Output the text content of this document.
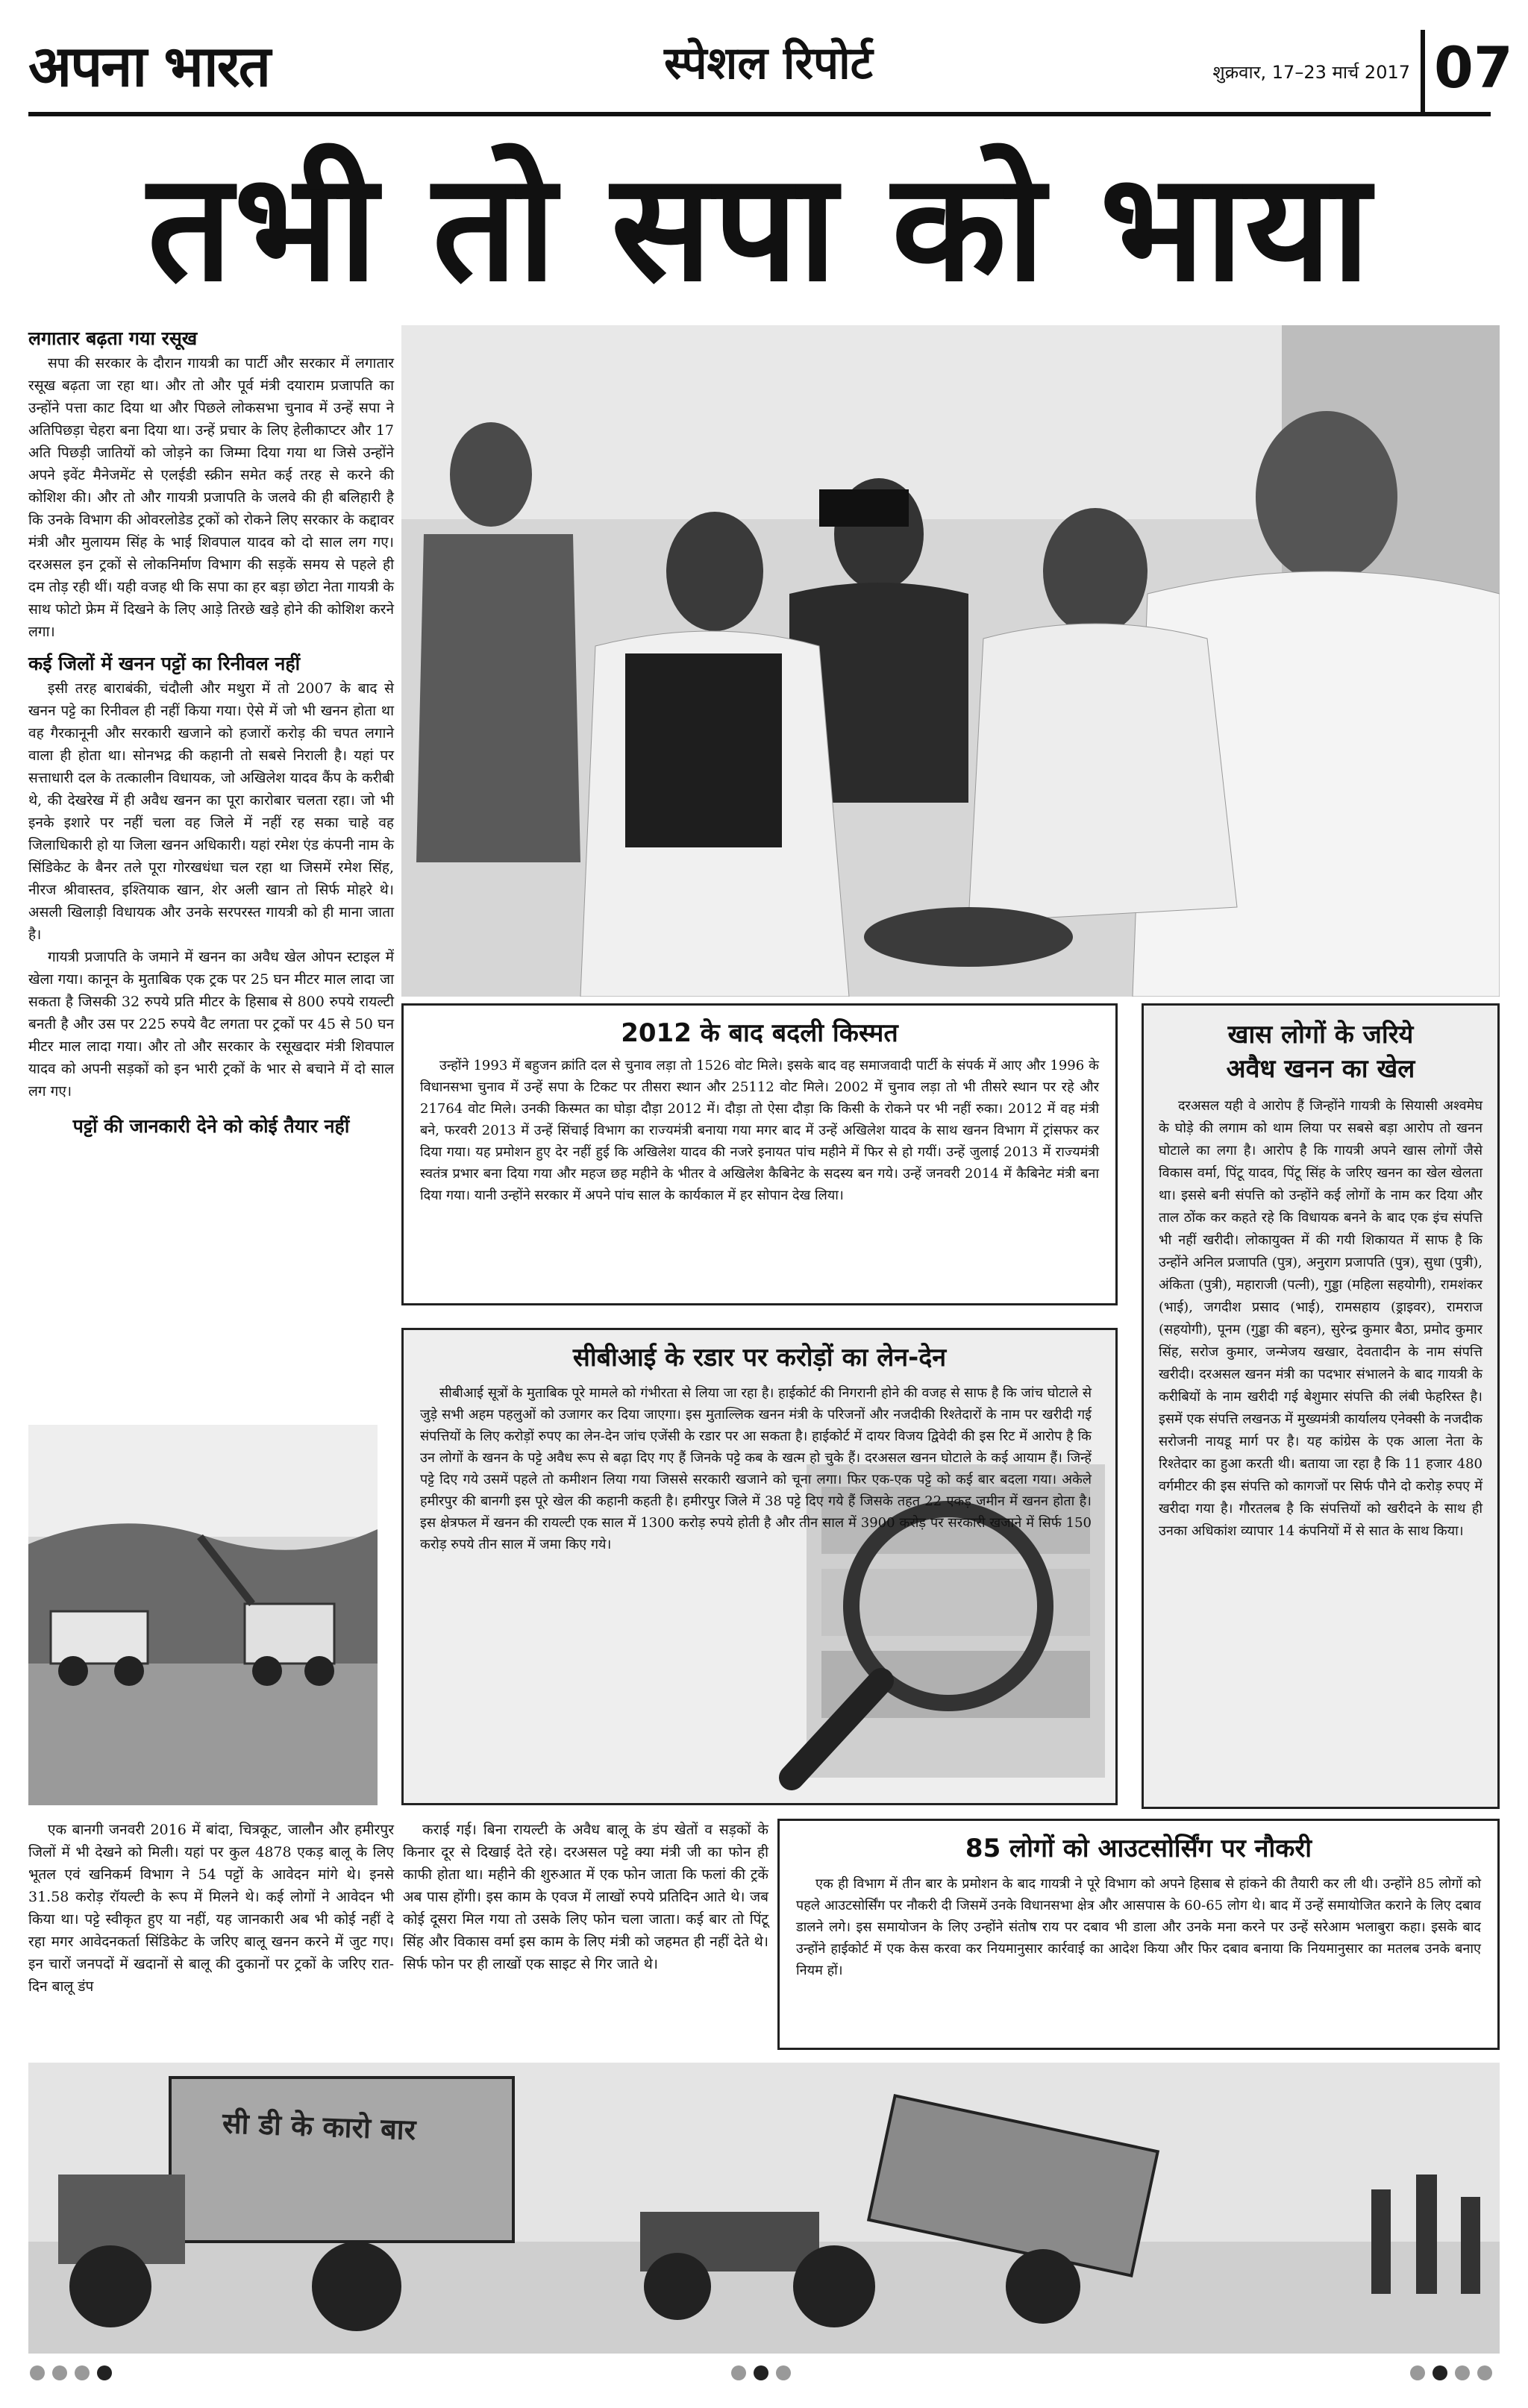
अपना भारत	स्पेशल रिपोर्ट	शुक्रवार, 17–23 मार्च 2017 07
तभी तो सपा को भाया
लगातार बढ़ता गया रसूख

सपा की सरकार के दौरान गायत्री का पार्टी और सरकार में लगातार रसूख बढ़ता जा रहा था। और तो और पूर्व मंत्री दयाराम प्रजापति का उन्होंने पत्ता काट दिया था और पिछले लोकसभा चुनाव में उन्हें सपा ने अतिपिछड़ा चेहरा बना दिया था। उन्हें प्रचार के लिए हेलीकाप्टर और 17 अति पिछड़ी जातियों को जोड़ने का जिम्मा दिया गया था जिसे उन्होंने अपने इवेंट मैनेजमेंट से एलईडी स्क्रीन समेत कई तरह से करने की कोशिश की। और तो और गायत्री प्रजापति के जलवे की ही बलिहारी है कि उनके विभाग की ओवरलोडेड ट्रकों को रोकने लिए सरकार के कद्दावर मंत्री और मुलायम सिंह के भाई शिवपाल यादव को दो साल लग गए। दरअसल इन ट्रकों से लोकनिर्माण विभाग की सड़कें समय से पहले ही दम तोड़ रही थीं। यही वजह थी कि सपा का हर बड़ा छोटा नेता गायत्री के साथ फोटो फ्रेम में दिखने के लिए आड़े तिरछे खड़े होने की कोशिश करने लगा।

कई जिलों में खनन पट्टों का रिनीवल नहीं

इसी तरह बाराबंकी, चंदौली और मथुरा में तो 2007 के बाद से खनन पट्टे का रिनीवल ही नहीं किया गया। ऐसे में जो भी खनन होता था वह गैरकानूनी और सरकारी खजाने को हजारों करोड़ की चपत लगाने वाला ही होता था। सोनभद्र की कहानी तो सबसे निराली है। यहां पर सत्ताधारी दल के तत्कालीन विधायक, जो अखिलेश यादव कैंप के करीबी थे, की देखरेख में ही अवैध खनन का पूरा कारोबार चलता रहा। जो भी इनके इशारे पर नहीं चला वह जिले में नहीं रह सका चाहे वह जिलाधिकारी हो या जिला खनन अधिकारी। यहां रमेश एंड कंपनी नाम के सिंडिकेट के बैनर तले पूरा गोरखधंधा चल रहा था जिसमें रमेश सिंह, नीरज श्रीवास्तव, इश्तियाक खान, शेर अली खान तो सिर्फ मोहरे थे। असली खिलाड़ी विधायक और उनके सरपरस्त गायत्री को ही माना जाता है।

गायत्री प्रजापति के जमाने में खनन का अवैध खेल ओपन स्टाइल में खेला गया। कानून के मुताबिक एक ट्रक पर 25 घन मीटर माल लादा जा सकता है जिसकी 32 रुपये प्रति मीटर के हिसाब से 800 रुपये रायल्टी बनती है और उस पर 225 रुपये वैट लगता पर ट्रकों पर 45 से 50 घन मीटर माल लादा गया। और तो और सरकार के रसूखदार मंत्री शिवपाल यादव को अपनी सड़कों को इन भारी ट्रकों के भार से बचाने में दो साल लग गए।

पट्टों की जानकारी देने को कोई तैयार नहीं
2012 के बाद बदली किस्मत

उन्होंने 1993 में बहुजन क्रांति दल से चुनाव लड़ा तो 1526 वोट मिले। इसके बाद वह समाजवादी पार्टी के संपर्क में आए और 1996 के विधानसभा चुनाव में उन्हें सपा के टिकट पर तीसरा स्थान और 25112 वोट मिले। 2002 में चुनाव लड़ा तो भी तीसरे स्थान पर रहे और 21764 वोट मिले। उनकी किस्मत का घोड़ा दौड़ा 2012 में। दौड़ा तो ऐसा दौड़ा कि किसी के रोकने पर भी नहीं रुका। 2012 में वह मंत्री बने, फरवरी 2013 में उन्हें सिंचाई विभाग का राज्यमंत्री बनाया गया मगर बाद में उन्हें अखिलेश यादव के साथ खनन विभाग में ट्रांसफर कर दिया गया। यह प्रमोशन हुए देर नहीं हुई कि अखिलेश यादव की नजरे इनायत पांच महीने में फिर से हो गयीं। उन्हें जुलाई 2013 में राज्यमंत्री स्वतंत्र प्रभार बना दिया गया और महज छह महीने के भीतर वे अखिलेश कैबिनेट के सदस्य बन गये। उन्हें जनवरी 2014 में कैबिनेट मंत्री बना दिया गया। यानी उन्होंने सरकार में अपने पांच साल के कार्यकाल में हर सोपान देख लिया।

खास लोगों के जरिये
अवैध खनन का खेल

दरअसल यही वे आरोप हैं जिन्होंने गायत्री के सियासी अश्वमेघ के घोड़े की लगाम को थाम लिया पर सबसे बड़ा आरोप तो खनन घोटाले का लगा है। आरोप है कि गायत्री अपने खास लोगों जैसे विकास वर्मा, पिंटू यादव, पिंटू सिंह के जरिए खनन का खेल खेलता था। इससे बनी संपत्ति को उन्होंने कई लोगों के नाम कर दिया और ताल ठोंक कर कहते रहे कि विधायक बनने के बाद एक इंच संपत्ति भी नहीं खरीदी। लोकायुक्त में की गयी शिकायत में साफ है कि उन्होंने अनिल प्रजापति (पुत्र), अनुराग प्रजापति (पुत्र), सुधा (पुत्री), अंकिता (पुत्री), महाराजी (पत्नी), गुड्डा (महिला सहयोगी), रामशंकर (भाई), जगदीश प्रसाद (भाई), रामसहाय (ड्राइवर), रामराज (सहयोगी), पूनम (गुड्डा की बहन), सुरेन्द्र कुमार बैठा, प्रमोद कुमार सिंह, सरोज कुमार, जन्मेजय खखार, देवतादीन के नाम संपत्ति खरीदी। दरअसल खनन मंत्री का पदभार संभालने के बाद गायत्री के करीबियों के नाम खरीदी गई बेशुमार संपत्ति की लंबी फेहरिस्त है। इसमें एक संपत्ति लखनऊ में मुख्यमंत्री कार्यालय एनेक्सी के नजदीक सरोजनी नायडू मार्ग पर है। यह कांग्रेस के एक आला नेता के रिश्तेदार का हुआ करती थी। बताया जा रहा है कि 11 हजार 480 वर्गमीटर की इस संपत्ति को कागजों पर सिर्फ पौने दो करोड़ रुपए में खरीदा गया है। गौरतलब है कि संपत्तियों को खरीदने के साथ ही उनका अधिकांश व्यापार 14 कंपनियों में से सात के साथ किया।

सीबीआई के रडार पर करोड़ों का लेन-देन

सीबीआई सूत्रों के मुताबिक पूरे मामले को गंभीरता से लिया जा रहा है। हाईकोर्ट की निगरानी होने की वजह से साफ है कि जांच घोटाले से जुड़े सभी अहम पहलुओं को उजागर कर दिया जाएगा। इस मुताल्लिक खनन मंत्री के परिजनों और नजदीकी रिश्तेदारों के नाम पर खरीदी गई संपत्तियों के लिए करोड़ों रुपए का लेन-देन जांच एजेंसी के रडार पर आ सकता है। हाईकोर्ट में दायर विजय द्विवेदी की इस रिट में आरोप है कि उन लोगों के खनन के पट्टे अवैध रूप से बढ़ा दिए गए हैं जिनके पट्टे कब के खत्म हो चुके हैं। दरअसल खनन घोटाले के कई आयाम हैं। जिन्हें पट्टे दिए गये उसमें पहले तो कमीशन लिया गया जिससे सरकारी खजाने को चूना लगा। फिर एक-एक पट्टे को कई बार बदला गया। अकेले हमीरपुर की बानगी इस पूरे खेल की कहानी कहती है। हमीरपुर जिले में 38 पट्टे दिए गये हैं जिसके तहत 22 एकड़ जमीन में खनन होता है। इस क्षेत्रफल में खनन की रायल्टी एक साल में 1300 करोड़ रुपये होती है और तीन साल में 3900 करोड़ पर सरकारी खजाने में सिर्फ 150 करोड़ रुपये तीन साल में जमा किए गये।

एक बानगी जनवरी 2016 में बांदा, चित्रकूट, जालौन और हमीरपुर जिलों में भी देखने को मिली। यहां पर कुल 4878 एकड़ बालू के लिए भूतल एवं खनिकर्म विभाग ने 54 पट्टों के आवेदन मांगे थे। इनसे 31.58 करोड़ रॉयल्टी के रूप में मिलने थे। कई लोगों ने आवेदन भी किया था। पट्टे स्वीकृत हुए या नहीं, यह जानकारी अब भी कोई नहीं दे रहा मगर आवेदनकर्ता सिंडिकेट के जरिए बालू खनन करने में जुट गए। इन चारों जनपदों में खदानों से बालू की दुकानों पर ट्रकों के जरिए रात-दिन बालू डंप
कराई गई। बिना रायल्टी के अवैध बालू के डंप खेतों व सड़कों के किनार दूर से दिखाई देते रहे। दरअसल पट्टे क्या मंत्री जी का फोन ही काफी होता था। महीने की शुरुआत में एक फोन जाता कि फलां की ट्रकें अब पास होंगी। इस काम के एवज में लाखों रुपये प्रतिदिन आते थे। जब कोई दूसरा मिल गया तो उसके लिए फोन चला जाता। कई बार तो पिंटू सिंह और विकास वर्मा इस काम के लिए मंत्री को जहमत ही नहीं देते थे। सिर्फ फोन पर ही लाखों एक साइट से गिर जाते थे।
85 लोगों को आउटसोर्सिंग पर नौकरी

एक ही विभाग में तीन बार के प्रमोशन के बाद गायत्री ने पूरे विभाग को अपने हिसाब से हांकने की तैयारी कर ली थी। उन्होंने 85 लोगों को पहले आउटसोर्सिंग पर नौकरी दी जिसमें उनके विधानसभा क्षेत्र और आसपास के 60-65 लोग थे। बाद में उन्हें समायोजित कराने के लिए दबाव डालने लगे। इस समायोजन के लिए उन्होंने संतोष राय पर दबाव भी डाला और उनके मना करने पर उन्हें सरेआम भलाबुरा कहा। इसके बाद उन्होंने हाईकोर्ट में एक केस करवा कर नियमानुसार कार्रवाई का आदेश किया और फिर दबाव बनाया कि नियमानुसार का मतलब उनके बनाए नियम हों।

सी डी के कारो बार
